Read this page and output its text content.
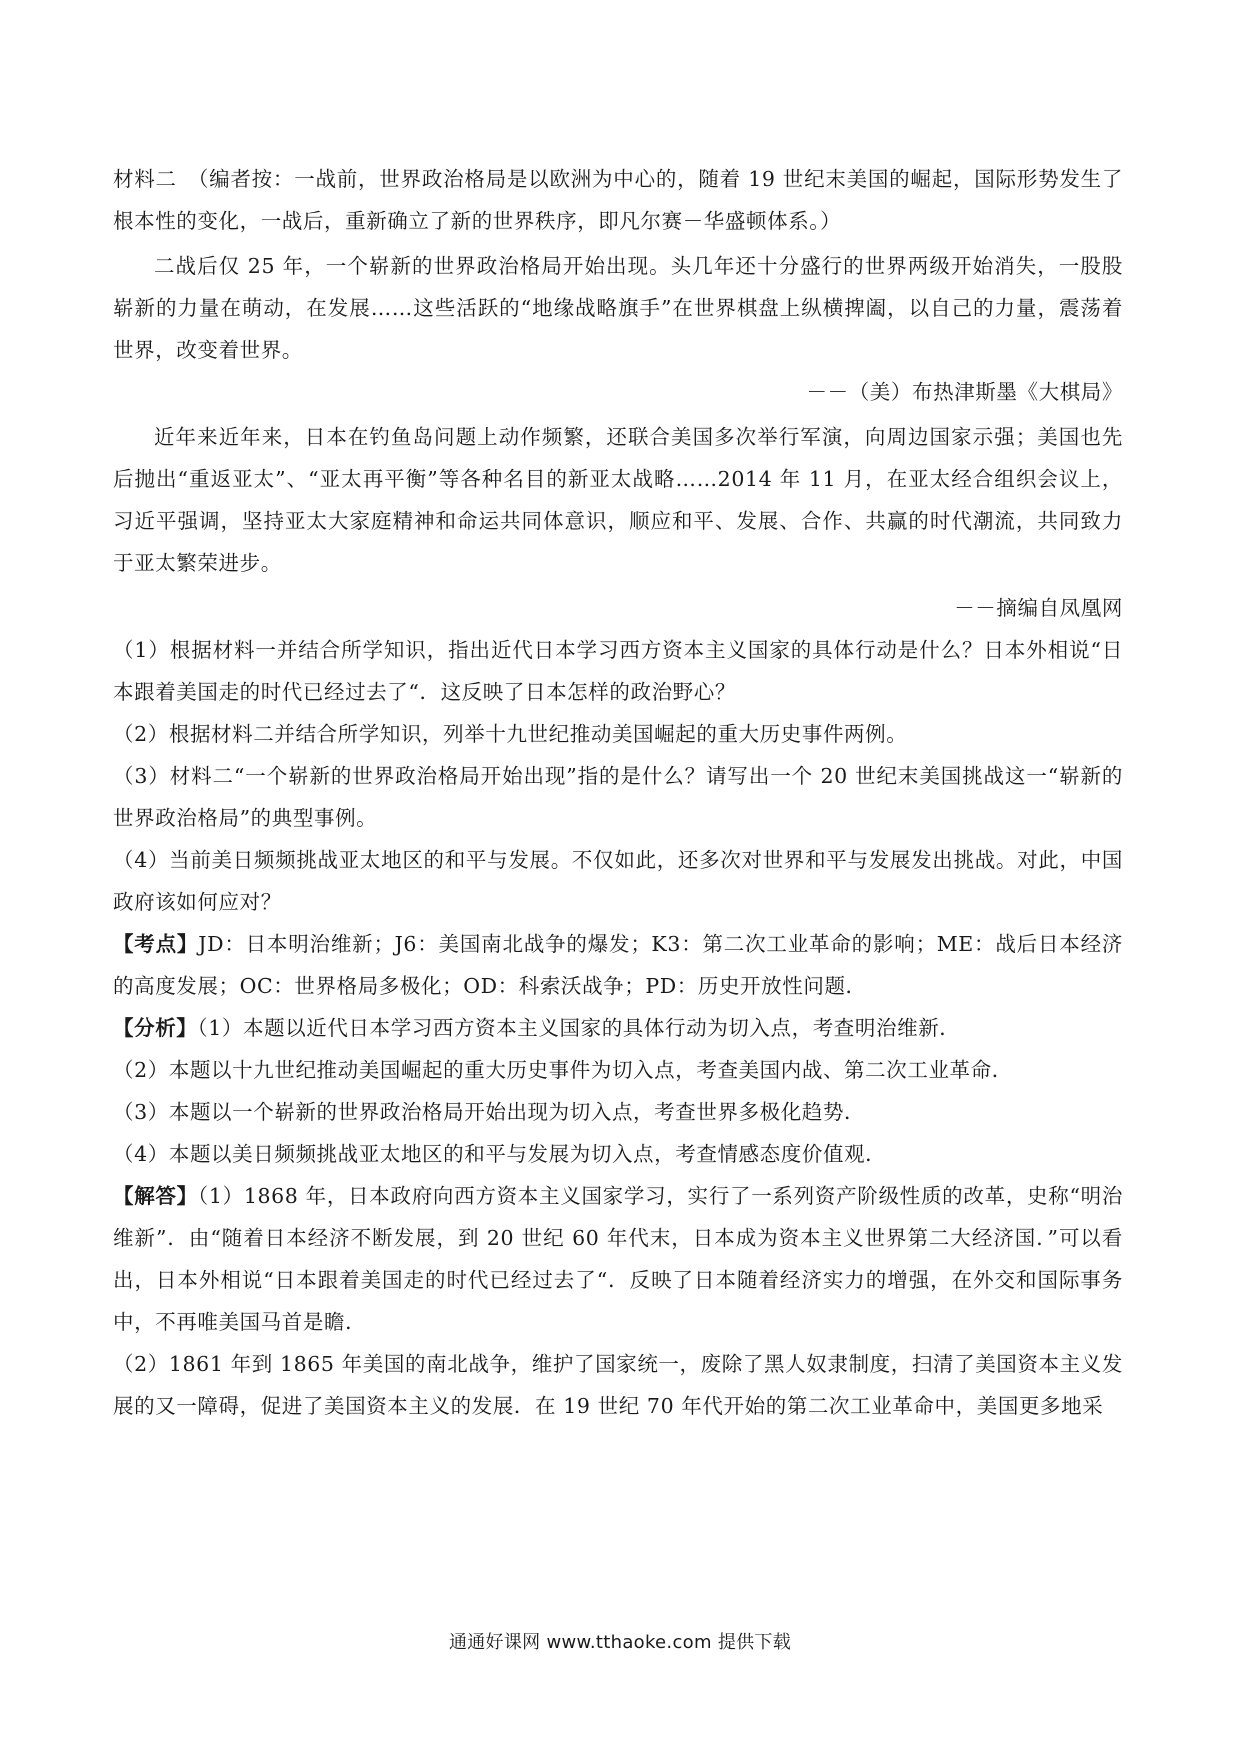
材料二　（编者按：一战前，世界政治格局是以欧洲为中心的，随着 19 世纪末美国的崛起，国际形势发生了根本性的变化，一战后，重新确立了新的世界秩序，即凡尔赛－华盛顿体系。）

二战后仅 25 年，一个崭新的世界政治格局开始出现。头几年还十分盛行的世界两级开始消失，一股股崭新的力量在萌动，在发展……这些活跃的“地缘战略旗手”在世界棋盘上纵横捭阖，以自己的力量，震荡着世界，改变着世界。

－－（美）布热津斯墨《大棋局》

近年来近年来，日本在钓鱼岛问题上动作频繁，还联合美国多次举行军演，向周边国家示强；美国也先后抛出“重返亚太”、“亚太再平衡”等各种名目的新亚太战略……2014 年 11 月，在亚太经合组织会议上，习近平强调，坚持亚太大家庭精神和命运共同体意识，顺应和平、发展、合作、共赢的时代潮流，共同致力于亚太繁荣进步。

－－摘编自凤凰网

（1）根据材料一并结合所学知识，指出近代日本学习西方资本主义国家的具体行动是什么？日本外相说“日本跟着美国走的时代已经过去了“．这反映了日本怎样的政治野心？

（2）根据材料二并结合所学知识，列举十九世纪推动美国崛起的重大历史事件两例。

（3）材料二“一个崭新的世界政治格局开始出现”指的是什么？请写出一个 20 世纪末美国挑战这一“崭新的世界政治格局”的典型事例。

（4）当前美日频频挑战亚太地区的和平与发展。不仅如此，还多次对世界和平与发展发出挑战。对此，中国政府该如何应对？

【考点】JD：日本明治维新；J6：美国南北战争的爆发；K3：第二次工业革命的影响；ME：战后日本经济的高度发展；OC：世界格局多极化；OD：科索沃战争；PD：历史开放性问题．

【分析】（1）本题以近代日本学习西方资本主义国家的具体行动为切入点，考查明治维新．

（2）本题以十九世纪推动美国崛起的重大历史事件为切入点，考查美国内战、第二次工业革命．

（3）本题以一个崭新的世界政治格局开始出现为切入点，考查世界多极化趋势．

（4）本题以美日频频挑战亚太地区的和平与发展为切入点，考查情感态度价值观．

【解答】（1）1868 年，日本政府向西方资本主义国家学习，实行了一系列资产阶级性质的改革，史称“明治维新”．由“随着日本经济不断发展，到 20 世纪 60 年代末，日本成为资本主义世界第二大经济国．”可以看出，日本外相说“日本跟着美国走的时代已经过去了“．反映了日本随着经济实力的增强，在外交和国际事务中，不再唯美国马首是瞻．

（2）1861 年到 1865 年美国的南北战争，维护了国家统一，废除了黑人奴隶制度，扫清了美国资本主义发展的又一障碍，促进了美国资本主义的发展．在 19 世纪 70 年代开始的第二次工业革命中，美国更多地采

通通好课网 www.tthaoke.com 提供下载
